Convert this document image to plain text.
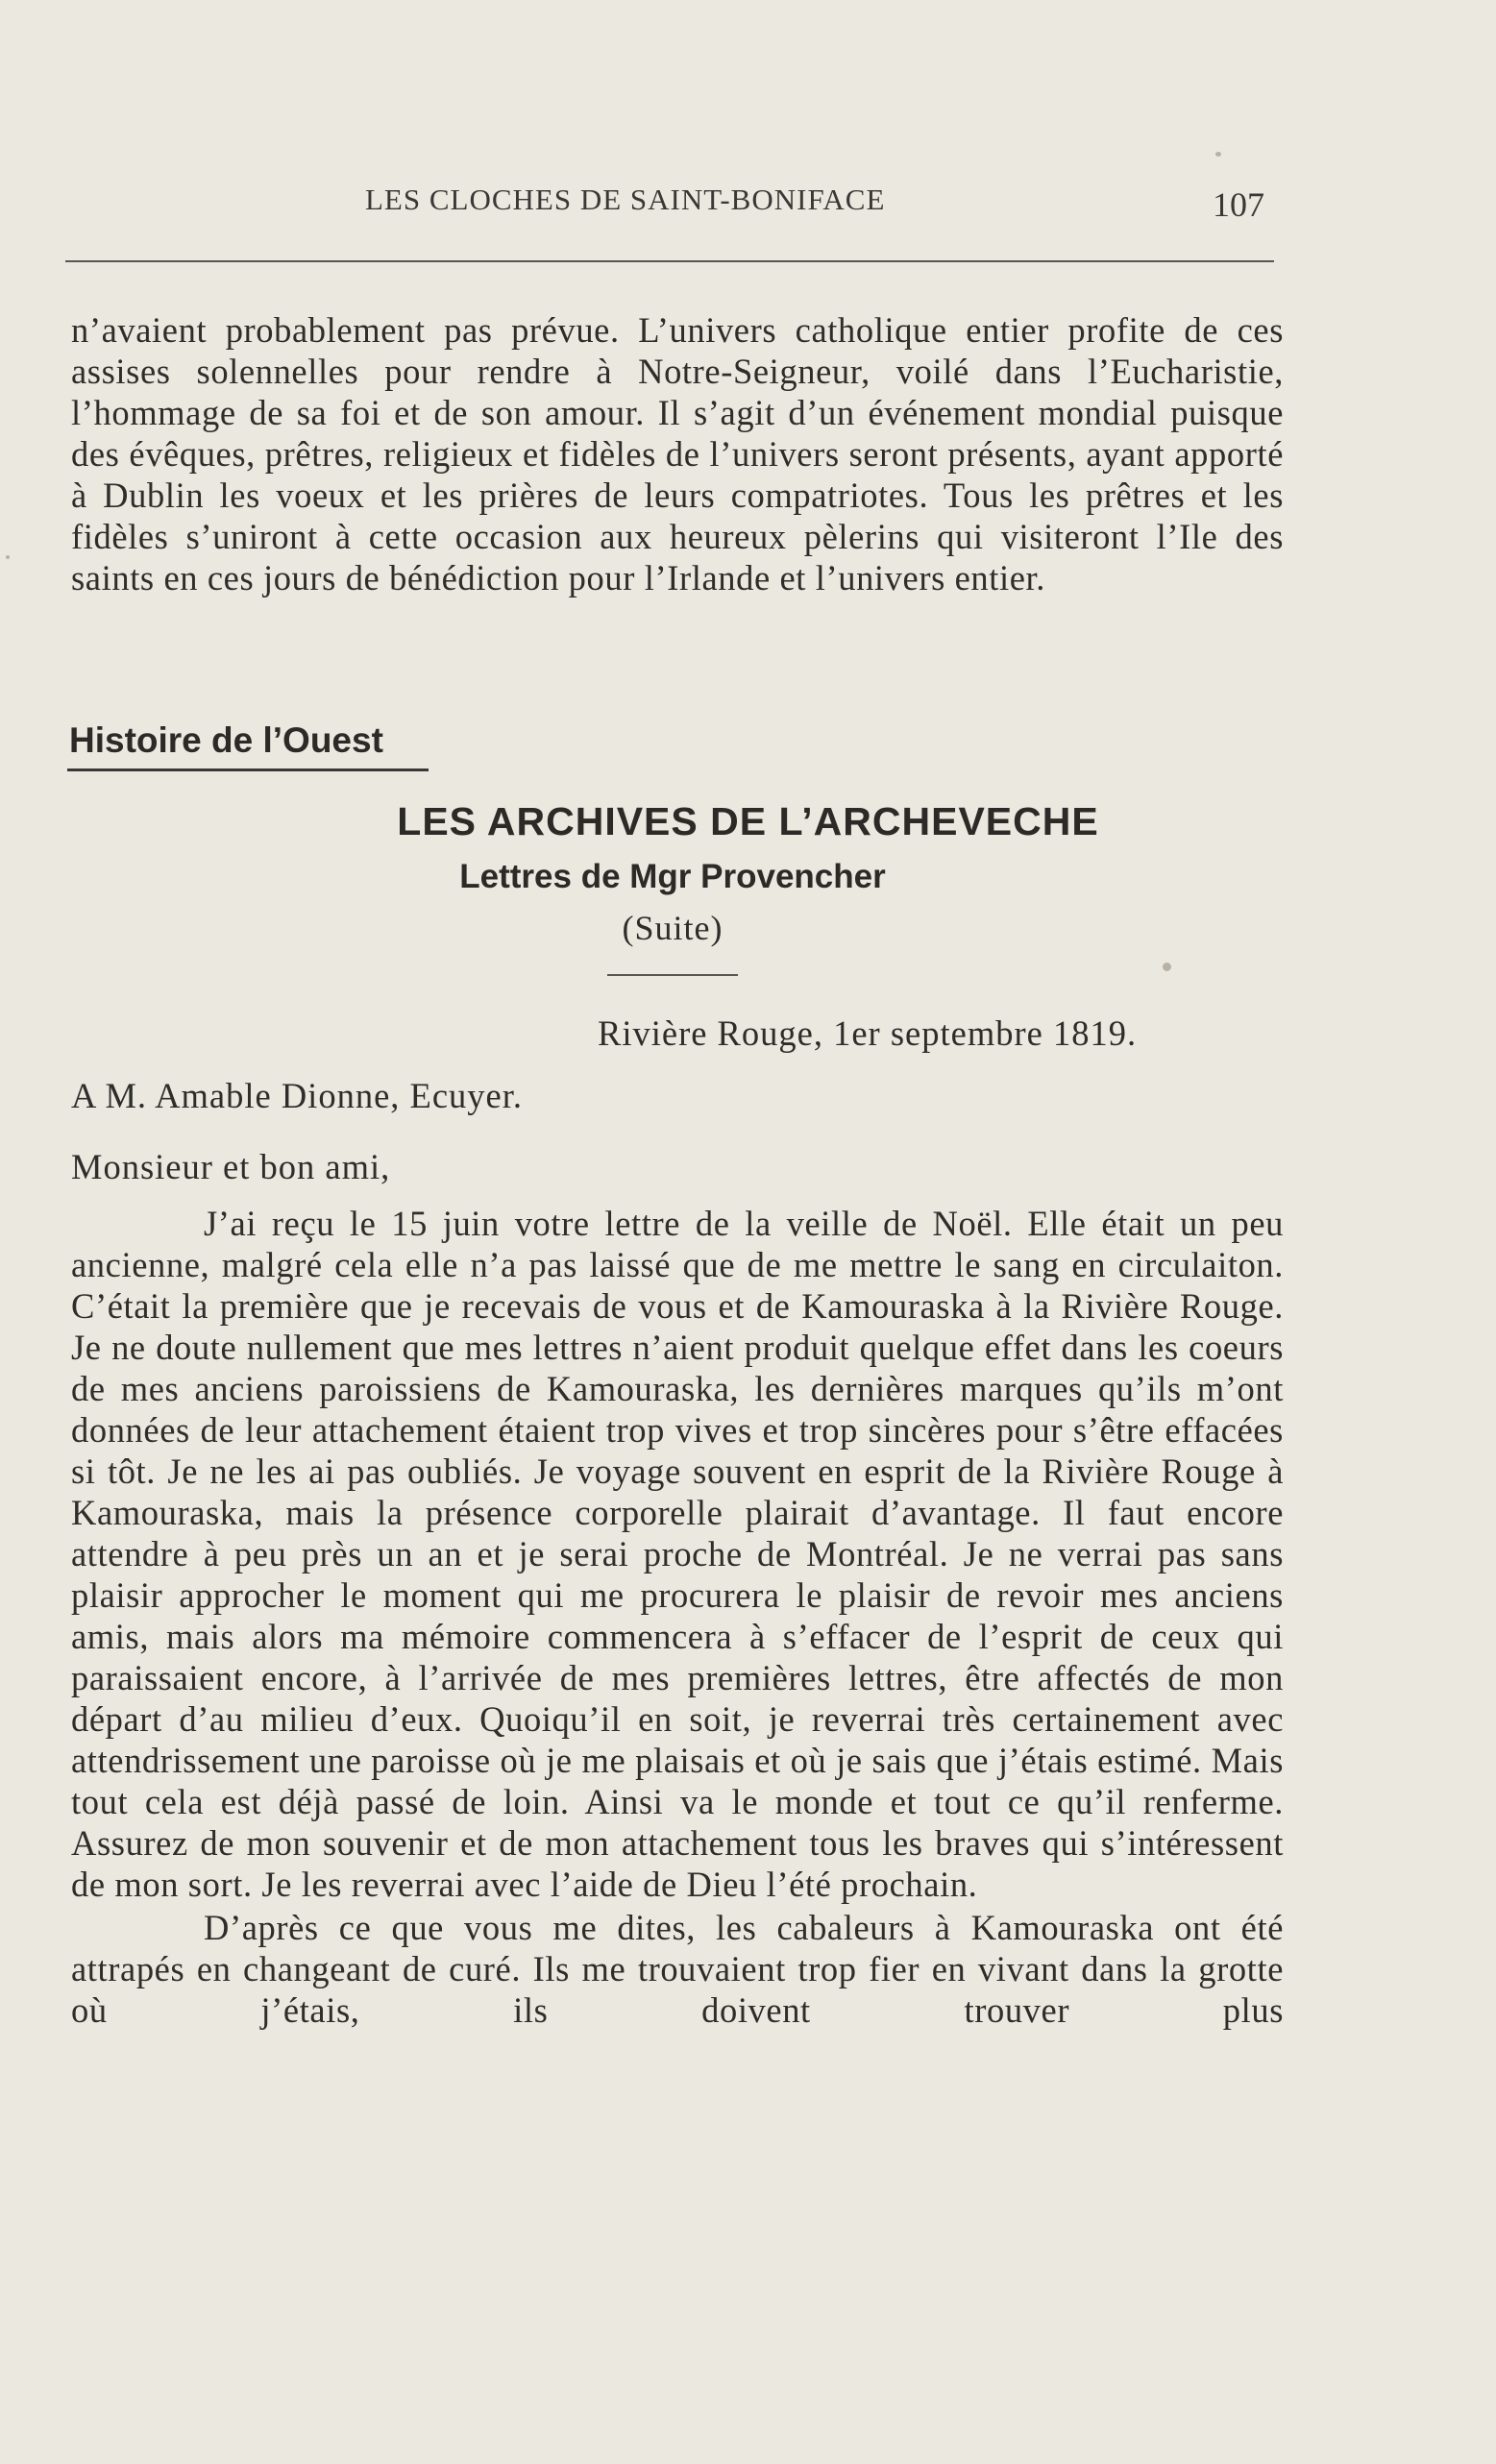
LES CLOCHES DE SAINT-BONIFACE	107

n’avaient probablement pas prévue. L’univers catholique entier profite de ces assises solennelles pour rendre à Notre-Seigneur, voilé dans l’Eucharistie, l’hommage de sa foi et de son amour. Il s’agit d’un événement mondial puisque des évêques, prêtres, religieux et fidèles de l’univers seront présents, ayant apporté à Dublin les voeux et les prières de leurs compatriotes. Tous les prêtres et les fidèles s’uniront à cette occasion aux heureux pèlerins qui visiteront l’Ile des saints en ces jours de bénédiction pour l’Irlande et l’univers entier.

Histoire de l’Ouest
LES ARCHIVES DE L’ARCHEVECHE
Lettres de Mgr Provencher
(Suite)
Rivière Rouge, 1er septembre 1819.
A M. Amable Dionne, Ecuyer.
Monsieur et bon ami,

J’ai reçu le 15 juin votre lettre de la veille de Noël. Elle était un peu ancienne, malgré cela elle n’a pas laissé que de me mettre le sang en circulaiton. C’était la première que je recevais de vous et de Kamouraska à la Rivière Rouge. Je ne doute nullement que mes lettres n’aient produit quelque effet dans les coeurs de mes anciens paroissiens de Kamouraska, les dernières marques qu’ils m’ont données de leur attachement étaient trop vives et trop sincères pour s’être effacées si tôt. Je ne les ai pas oubliés. Je voyage souvent en esprit de la Rivière Rouge à Kamouraska, mais la présence corporelle plairait d’avantage. Il faut encore attendre à peu près un an et je serai proche de Montréal. Je ne verrai pas sans plaisir approcher le moment qui me procurera le plaisir de revoir mes anciens amis, mais alors ma mémoire commencera à s’effacer de l’esprit de ceux qui paraissaient encore, à l’arrivée de mes premières lettres, être affectés de mon départ d’au milieu d’eux. Quoiqu’il en soit, je reverrai très certainement avec attendrissement une paroisse où je me plaisais et où je sais que j’étais estimé. Mais tout cela est déjà passé de loin. Ainsi va le monde et tout ce qu’il renferme. Assurez de mon souvenir et de mon attachement tous les braves qui s’intéressent de mon sort. Je les reverrai avec l’aide de Dieu l’été prochain.

D’après ce que vous me dites, les cabaleurs à Kamouraska ont été attrapés en changeant de curé. Ils me trouvaient trop fier en vivant dans la grotte où j’étais, ils doivent trouver plus
